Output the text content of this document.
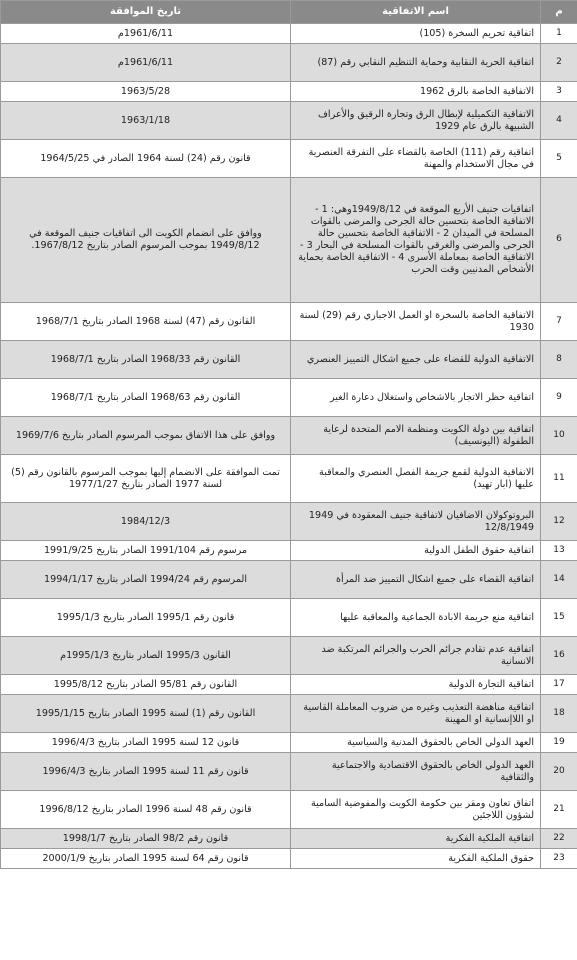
م	اسم الاتفاقية	تاريخ الموافقة
1	اتفاقية تحريم السخرة (105)	1961/6/11م
2	اتفاقية الحرية النقابية وحماية التنظيم النقابي رقم (87)	1961/6/11م
3	الاتفاقية الخاصة بالرق 1962	1963/5/28
4	الاتفاقية التكميلية لإبطال الرق وتجارة الرقيق والأعراف الشبيهة بالرق عام 1929	1963/1/18
5	اتفاقية رقم (111) الخاصة بالقضاء على التفرقة العنصرية في مجال الاستخدام والمهنة	قانون رقم (24) لسنة 1964 الصادر في 1964/5/25
6	اتفاقيات جنيف الأربع الموقعة في 1949/8/12وهي: 1 - الاتفاقية الخاصة بتحسين حالة الجرحى والمرضى بالقوات المسلحة في الميدان 2 - الاتفاقية الخاصة بتحسين حالة الجرحى والمرضى والغرقى بالقوات المسلحة في البحار 3 - الاتفاقية الخاصة بمعاملة الأسرى 4 - الاتفاقية الخاصة بحماية الأشخاص المدنيين وقت الحرب	ووافق على انضمام الكويت الى اتفاقيات جنيف الموقعة في 1949/8/12 بموجب المرسوم الصادر بتاريخ 1967/8/12.
7	الاتفاقية الخاصة بالسخرة او العمل الاجباري رقم (29) لسنة 1930	القانون رقم (47) لسنة 1968 الصادر بتاريخ 1968/7/1
8	الاتفاقية الدولية للقضاء على جميع اشكال التمييز العنصري	القانون رقم 1968/33 الصادر بتاريخ 1968/7/1
9	اتفاقية حظر الاتجار بالاشخاص واستغلال دعارة الغير	القانون رقم 1968/63 الصادر بتاريخ 1968/7/1
10	اتفاقية بين دولة الكويت ومنظمة الامم المتحدة لرعاية الطفولة (اليونسيف)	ووافق على هذا الاتفاق بموجب المرسوم الصادر بتاريخ 1969/7/6
11	الاتفاقية الدولية لقمع جريمة الفصل العنصري والمعاقبة عليها (ابار تهيد)	تمت الموافقة على الانضمام إليها بموجب المرسوم بالقانون رقم (5) لسنة 1977 الصادر بتاريخ 1977/1/27
12	البروتوكولان الاضافيان لاتفاقية جنيف المعقودة في 1949 12/8/1949	1984/12/3
13	اتفاقية حقوق الطفل الدولية	مرسوم رقم 1991/104 الصادر بتاريخ 1991/9/25
14	اتفاقية القضاء على جميع اشكال التمييز ضد المرأة	المرسوم رقم 1994/24 الصادر بتاريخ 1994/1/17
15	اتفاقية منع جريمة الابادة الجماعية والمعاقبة عليها	قانون رقم 1995/1 الصادر بتاريخ 1995/1/3
16	اتفاقية عدم تقادم جرائم الحرب والجرائم المرتكبة ضد الانسانية	القانون 1995/3 الصادر بتاريخ 1995/1/3م
17	اتفاقية التجارة الدولية	القانون رقم 95/81 الصادر بتاريخ 1995/8/12
18	اتفاقية مناهضة التعذيب وغيره من ضروب المعاملة القاسية او اللاإنسانية او المهينة	القانون رقم (1) لسنة 1995 الصادر بتاريخ 1995/1/15
19	العهد الدولي الخاص بالحقوق المدنية والسياسية	قانون 12 لسنة 1995 الصادر بتاريخ 1996/4/3
20	العهد الدولي الخاص بالحقوق الاقتصادية والاجتماعية والثقافية	قانون رقم 11 لسنة 1995 الصادر بتاريخ 1996/4/3
21	اتفاق تعاون ومقر بين حكومة الكويت والمفوضية السامية لشؤون اللاجئين	قانون رقم 48 لسنة 1996 الصادر بتاريخ 1996/8/12
22	اتفاقية الملكية الفكرية	قانون رقم 98/2 الصادر بتاريخ 1998/1/7
23	حقوق الملكية الفكرية	قانون رقم 64 لسنة 1995 الصادر بتاريخ 2000/1/9
